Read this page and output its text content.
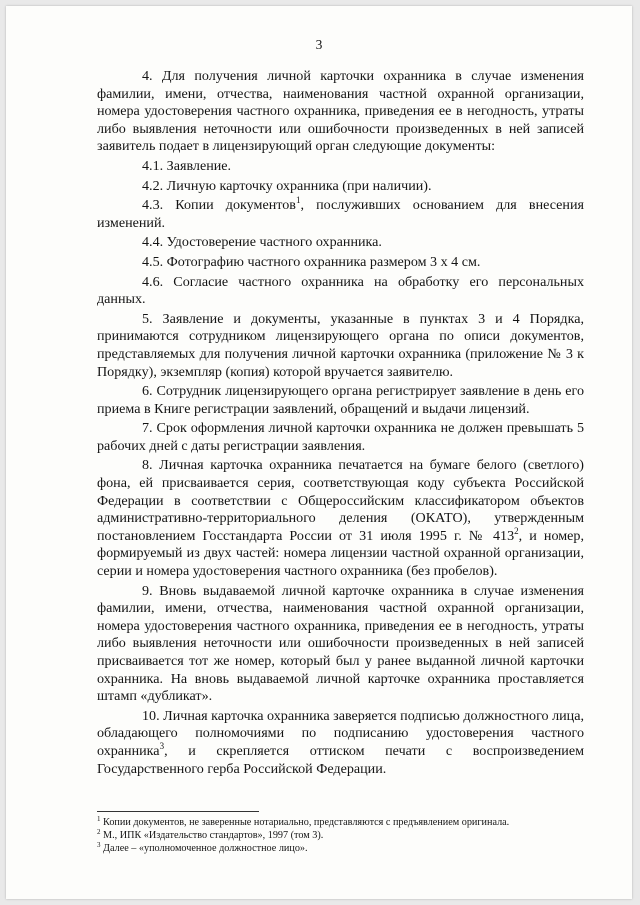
3

4. Для получения личной карточки охранника в случае изменения фамилии, имени, отчества, наименования частной охранной организации, номера удостоверения частного охранника, приведения ее в негодность, утраты либо выявления неточности или ошибочности произведенных в ней записей заявитель подает в лицензирующий орган следующие документы:

4.1. Заявление.

4.2. Личную карточку охранника (при наличии).

4.3. Копии документов$^1$, послуживших основанием для внесения изменений.

4.4. Удостоверение частного охранника.

4.5. Фотографию частного охранника размером 3 x 4 см.

4.6. Согласие частного охранника на обработку его персональных данных.

5. Заявление и документы, указанные в пунктах 3 и 4 Порядка, принимаются сотрудником лицензирующего органа по описи документов, представляемых для получения личной карточки охранника (приложение № 3 к Порядку), экземпляр (копия) которой вручается заявителю.

6. Сотрудник лицензирующего органа регистрирует заявление в день его приема в Книге регистрации заявлений, обращений и выдачи лицензий.

7. Срок оформления личной карточки охранника не должен превышать 5 рабочих дней с даты регистрации заявления.

8. Личная карточка охранника печатается на бумаге белого (светлого) фона, ей присваивается серия, соответствующая коду субъекта Российской Федерации в соответствии с Общероссийским классификатором объектов административно-территориального деления (ОКАТО), утвержденным постановлением Госстандарта России от 31 июля 1995 г. № $413^2$, и номер, формируемый из двух частей: номера лицензии частной охранной организации, серии и номера удостоверения частного охранника (без пробелов).

9. Вновь выдаваемой личной карточке охранника в случае изменения фамилии, имени, отчества, наименования частной охранной организации, номера удостоверения частного охранника, приведения ее в негодность, утраты либо выявления неточности или ошибочности произведенных в ней записей присваивается тот же номер, который был у ранее выданной личной карточки охранника. На вновь выдаваемой личной карточке охранника проставляется штамп «дубликат».

10. Личная карточка охранника заверяется подписью должностного лица, обладающего полномочиями по подписанию удостоверения частного охранника$^3$, и скрепляется оттиском печати с воспроизведением Государственного герба Российской Федерации.

$^1$ Копии документов, не заверенные нотариально, представляются с предъявлением оригинала.
$^2$ М., ИПК «Издательство стандартов», 1997 (том 3).
$^3$ Далее – «уполномоченное должностное лицо».
